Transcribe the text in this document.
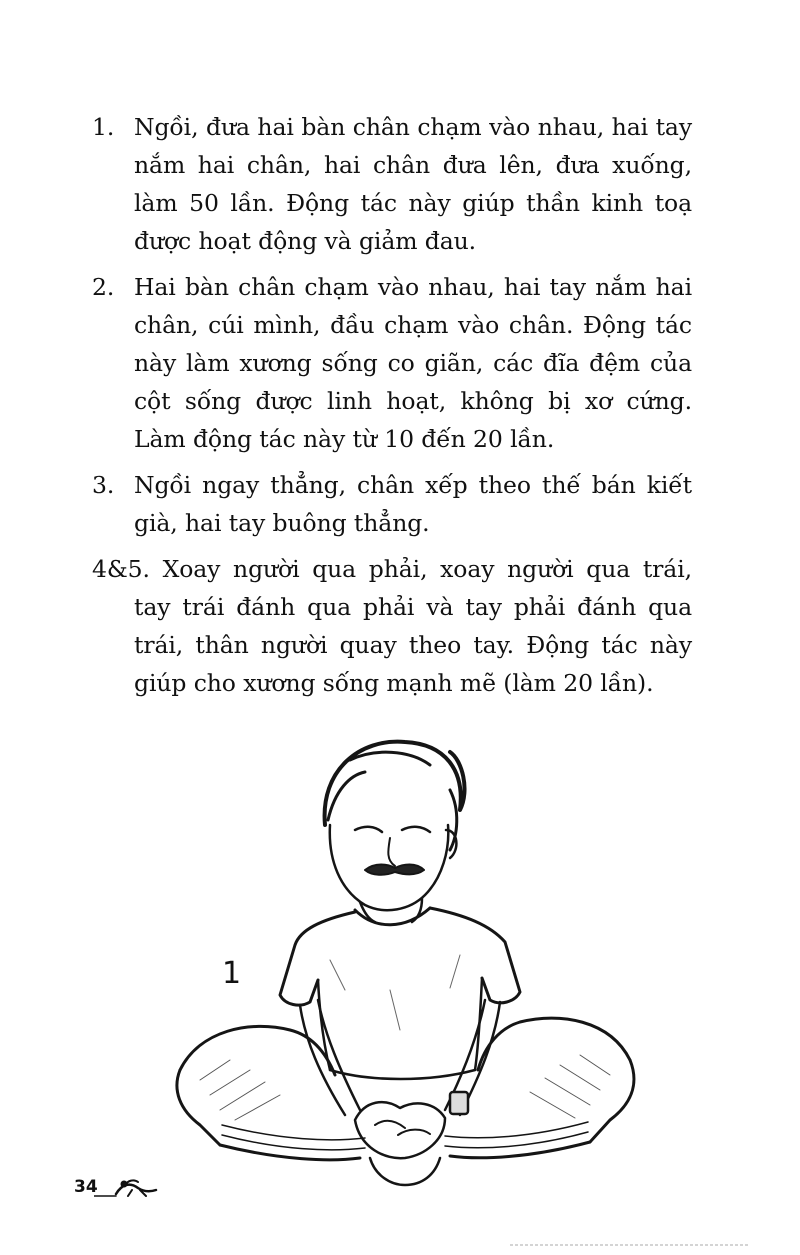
1. Ngồi, đưa hai bàn chân chạm vào nhau, hai tay nắm hai chân, hai chân đưa lên, đưa xuống, làm 50 lần. Động tác này giúp thần kinh toạ được hoạt động và giảm đau.
2. Hai bàn chân chạm vào nhau, hai tay nắm hai chân, cúi mình, đầu chạm vào chân. Động tác này làm xương sống co giãn, các đĩa đệm của cột sống được linh hoạt, không bị xơ cứng. Làm động tác này từ 10 đến 20 lần.
3. Ngồi ngay thẳng, chân xếp theo thế bán kiết già, hai tay buông thẳng.
4&5. Xoay người qua phải, xoay người qua trái, tay trái đánh qua phải và tay phải đánh qua trái, thân người quay theo tay. Động tác này giúp cho xương sống mạnh mẽ (làm 20 lần).
1
34
